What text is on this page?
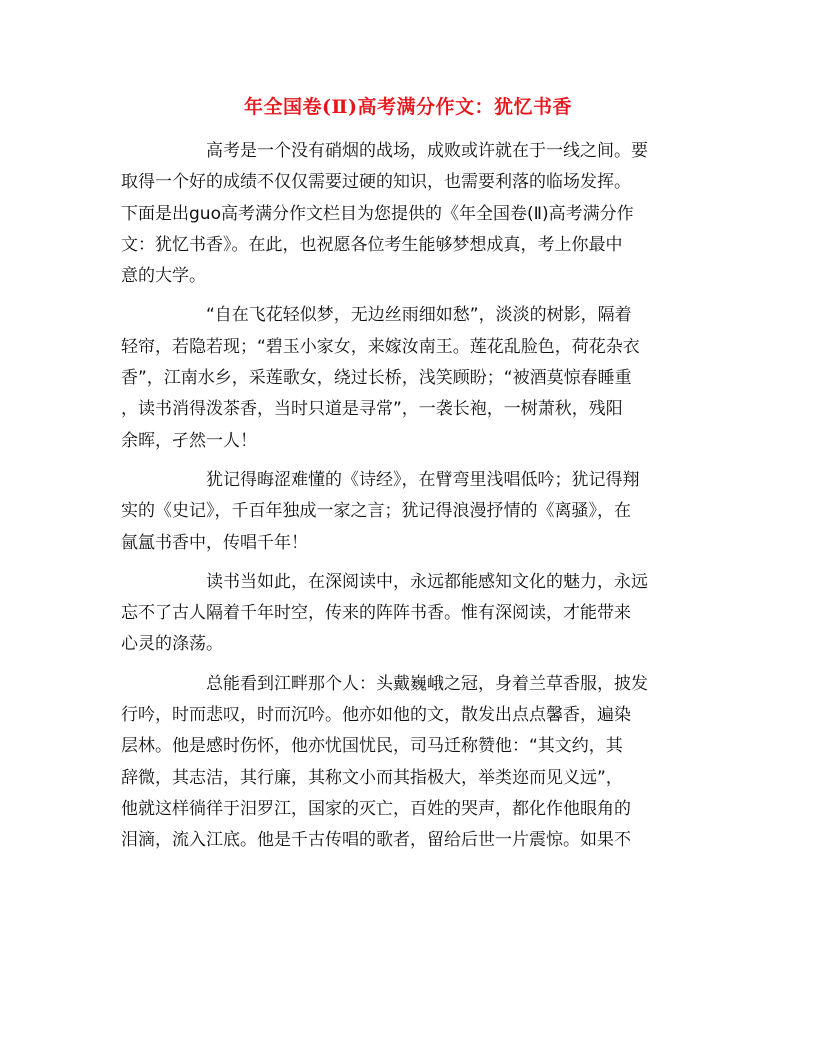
年全国卷(Ⅱ)高考满分作文：犹忆书香
高考是一个没有硝烟的战场，成败或许就在于一线之间。要
取得一个好的成绩不仅仅需要过硬的知识，也需要利落的临场发挥。
下面是出guo高考满分作文栏目为您提供的《年全国卷(Ⅱ)高考满分作
文：犹忆书香》。在此，也祝愿各位考生能够梦想成真，考上你最中
意的大学。
“自在飞花轻似梦，无边丝雨细如愁”，淡淡的树影，隔着
轻帘，若隐若现；“碧玉小家女，来嫁汝南王。莲花乱脸色，荷花杂衣
香”，江南水乡，采莲歌女，绕过长桥，浅笑顾盼；“被酒莫惊春睡重
，读书消得泼茶香，当时只道是寻常”，一袭长袍，一树萧秋，残阳
余晖，孑然一人！
犹记得晦涩难懂的《诗经》，在臂弯里浅唱低吟；犹记得翔
实的《史记》，千百年独成一家之言；犹记得浪漫抒情的《离骚》，在
氤氲书香中，传唱千年！
读书当如此，在深阅读中，永远都能感知文化的魅力，永远
忘不了古人隔着千年时空，传来的阵阵书香。惟有深阅读，才能带来
心灵的涤荡。
总能看到江畔那个人：头戴巍峨之冠，身着兰草香服，披发
行吟，时而悲叹，时而沉吟。他亦如他的文，散发出点点馨香，遍染
层林。他是感时伤怀，他亦忧国忧民，司马迁称赞他：“其文约，其
辞微，其志洁，其行廉，其称文小而其指极大，举类迩而见义远”，
他就这样徜徉于汨罗江，国家的灭亡，百姓的哭声，都化作他眼角的
泪滴，流入江底。他是千古传唱的歌者，留给后世一片震惊。如果不
